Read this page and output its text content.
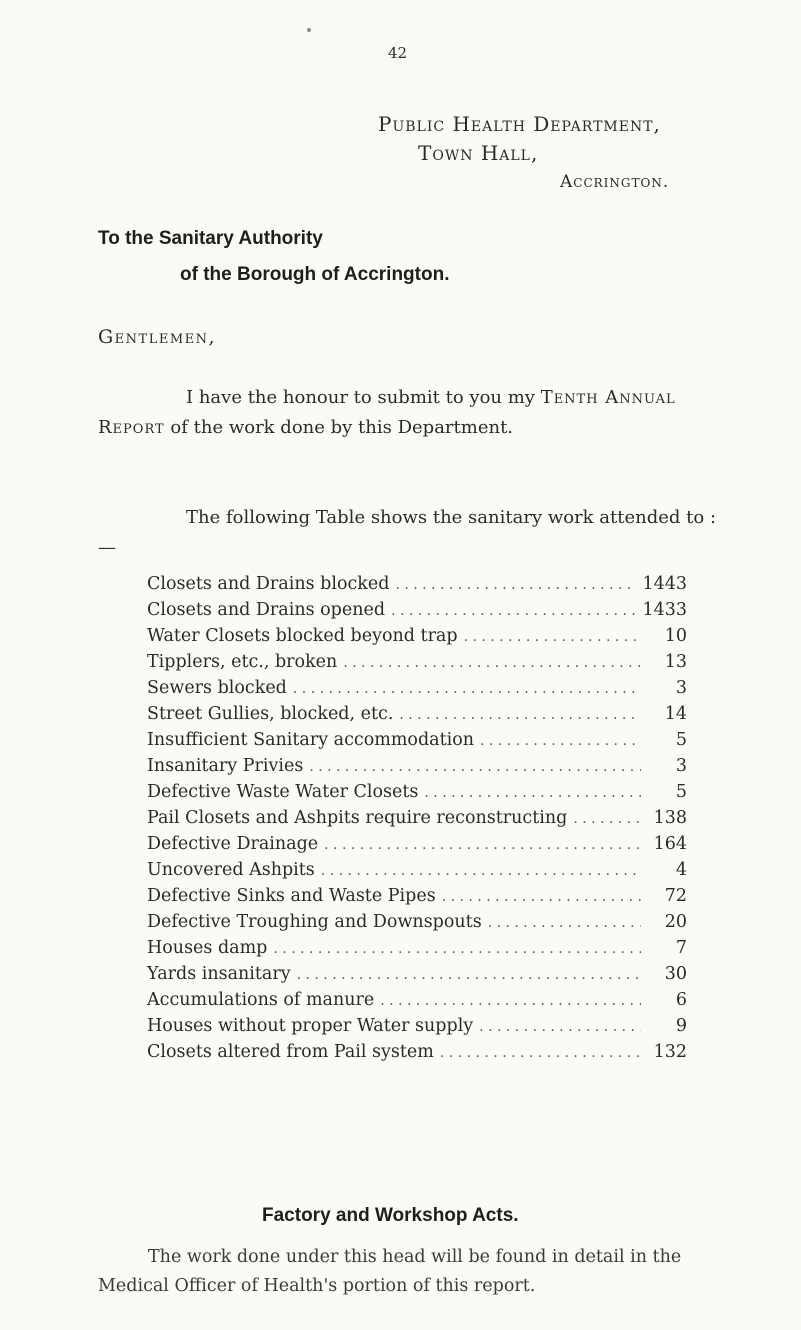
42
Public Health Department,
Town Hall,
Accrington.
To the Sanitary Authority
of the Borough of Accrington.
Gentlemen,
I have the honour to submit to you my Tenth Annual Report of the work done by this Department.
The following Table shows the sanitary work attended to :—
Closets and Drains blocked . . .	1443
Closets and Drains opened . . .	1433
Water Closets blocked beyond trap . . .	10
Tipplers, etc., broken . . .	13
Sewers blocked . . .	3
Street Gullies, blocked, etc. . . .	14
Insufficient Sanitary accommodation . . .	5
Insanitary Privies . . .	3
Defective Waste Water Closets . . .	5
Pail Closets and Ashpits require reconstructing . . .	138
Defective Drainage . . .	164
Uncovered Ashpits . . .	4
Defective Sinks and Waste Pipes . . .	72
Defective Troughing and Downspouts . . .	20
Houses damp . . .	7
Yards insanitary . . .	30
Accumulations of manure . . .	6
Houses without proper Water supply . . .	9
Closets altered from Pail system . . .	132
Factory and Workshop Acts.
The work done under this head will be found in detail in the Medical Officer of Health's portion of this report.
